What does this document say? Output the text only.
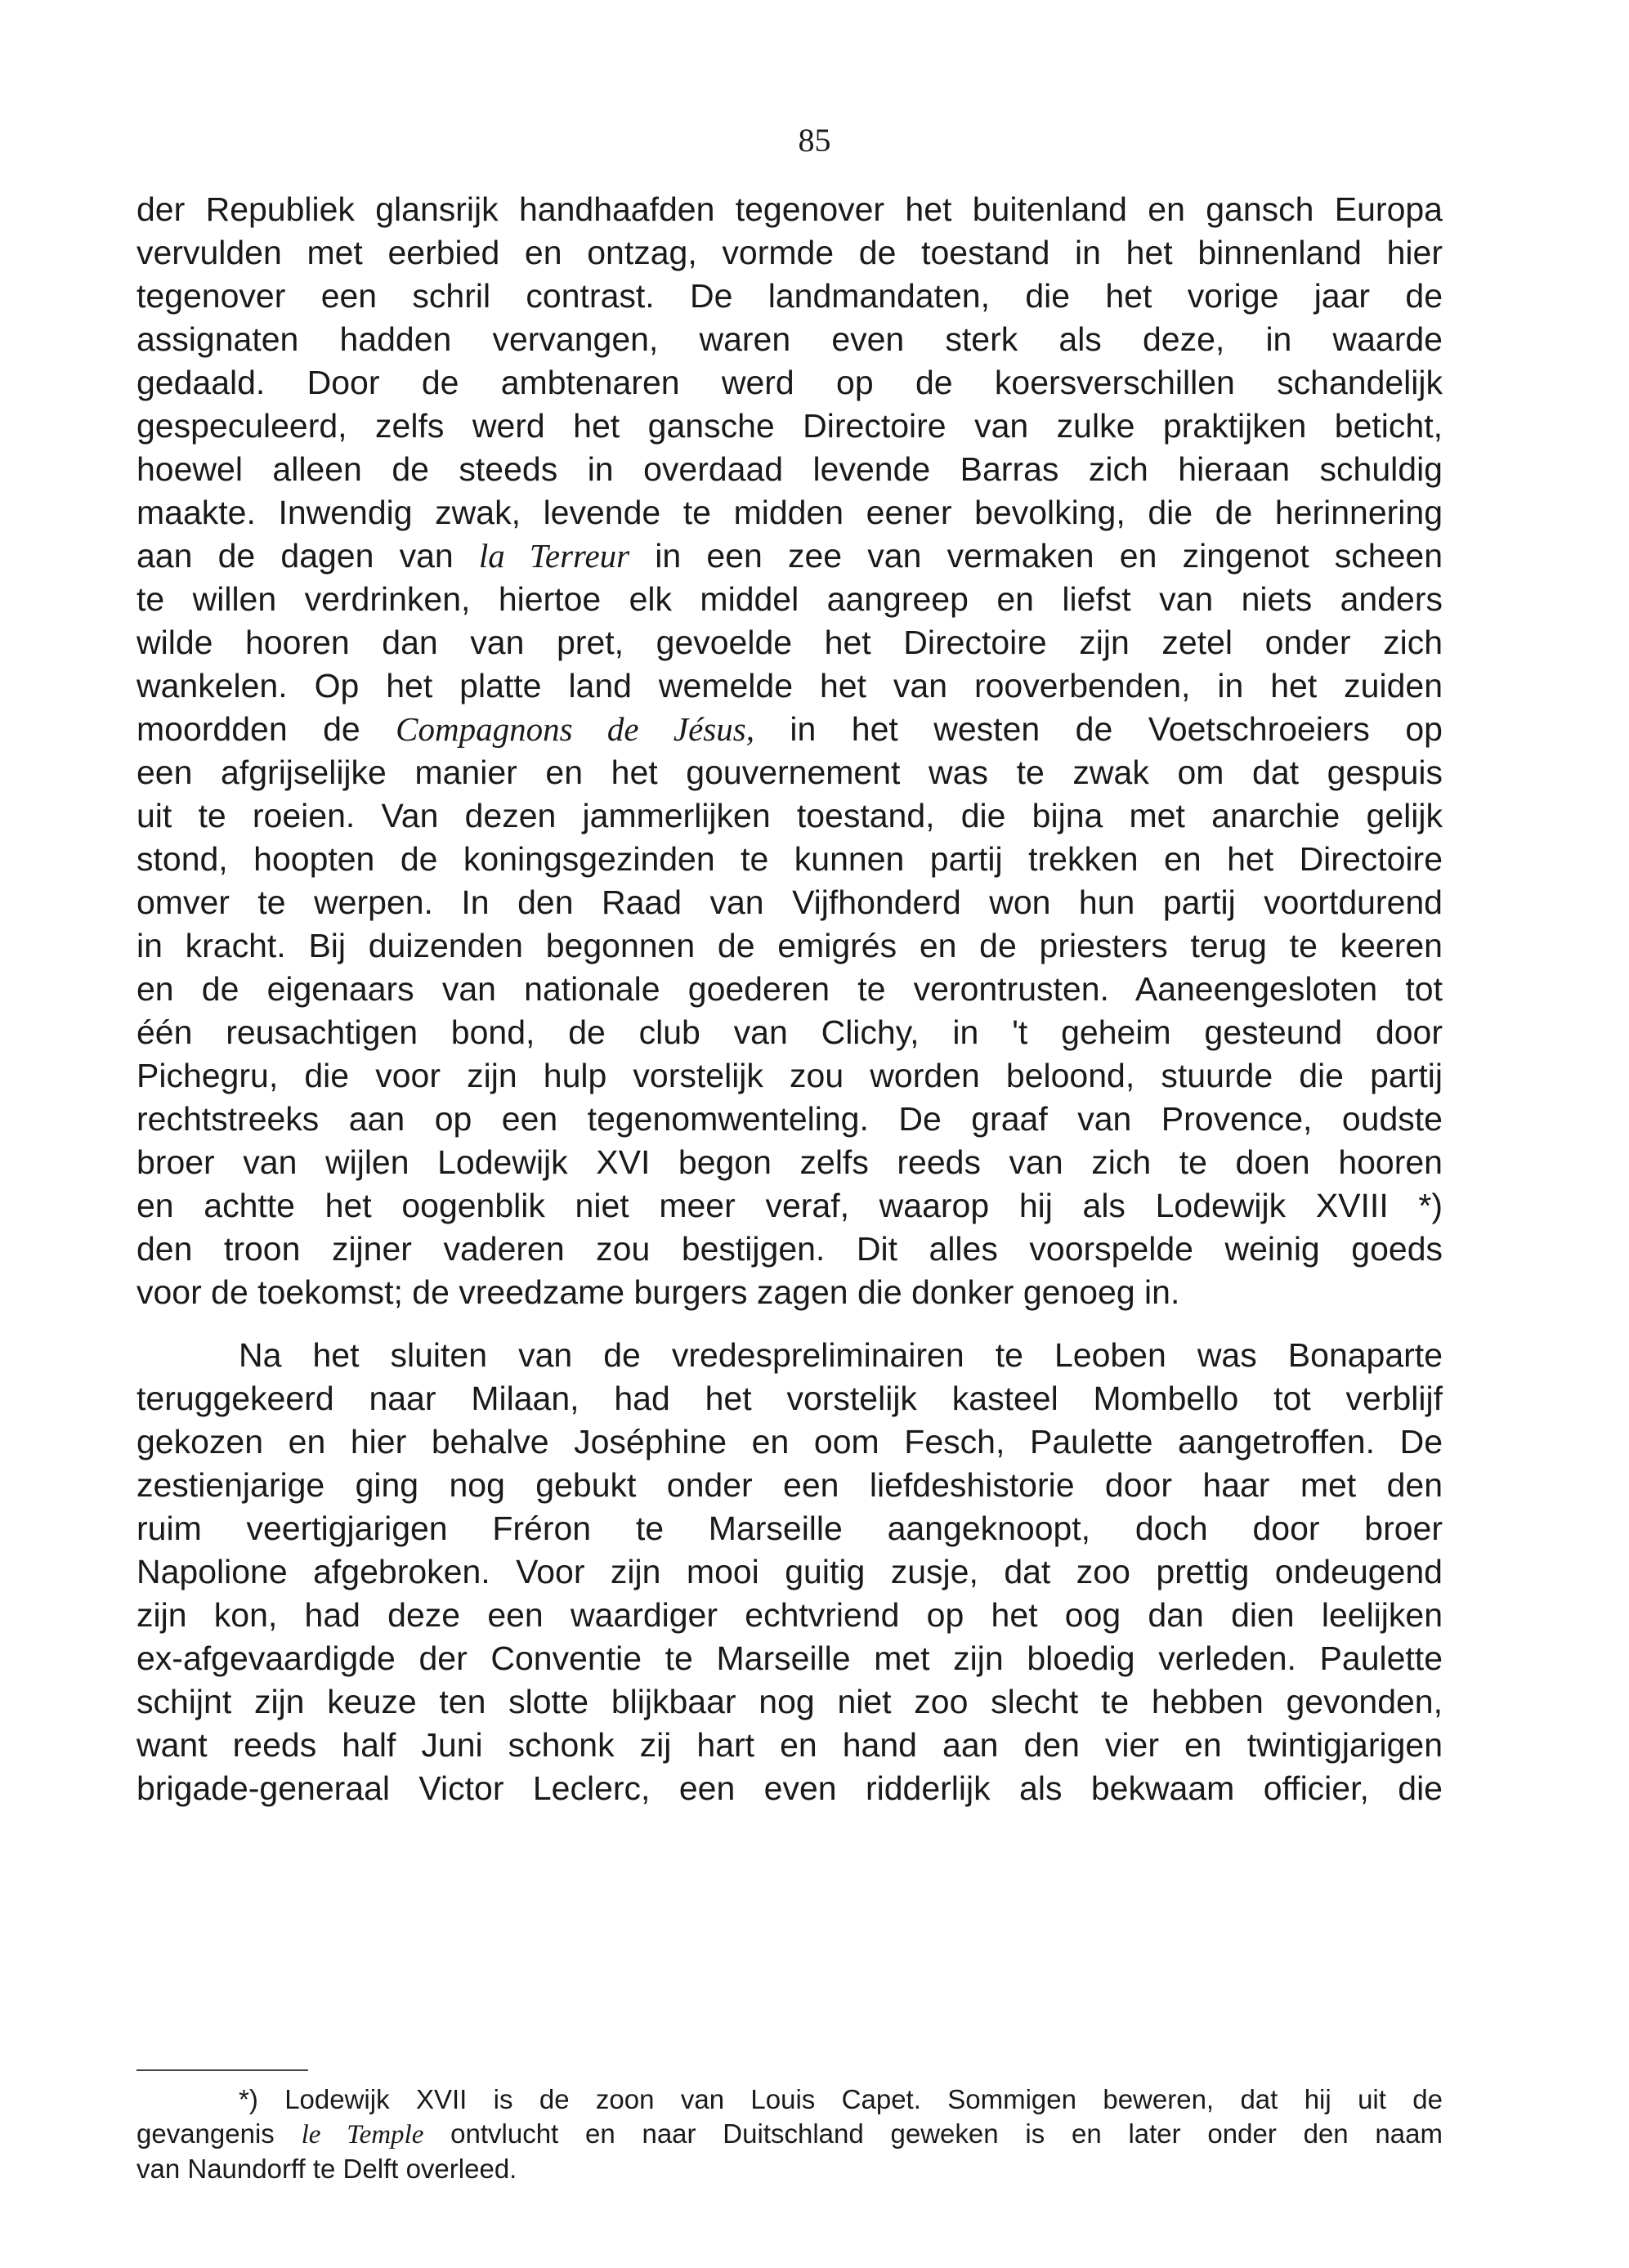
85
der Republiek glansrijk handhaafden tegenover het buitenland en gansch Europa
vervulden met eerbied en ontzag, vormde de toestand in het binnenland hier
tegenover een schril contrast. De landmandaten, die het vorige jaar de
assignaten hadden vervangen, waren even sterk als deze, in waarde
gedaald. Door de ambtenaren werd op de koersverschillen schandelijk
gespeculeerd, zelfs werd het gansche Directoire van zulke praktijken beticht,
hoewel alleen de steeds in overdaad levende Barras zich hieraan schuldig
maakte. Inwendig zwak, levende te midden eener bevolking, die de herinnering
aan de dagen van la Terreur in een zee van vermaken en zingenot scheen
te willen verdrinken, hiertoe elk middel aangreep en liefst van niets anders
wilde hooren dan van pret, gevoelde het Directoire zijn zetel onder zich
wankelen. Op het platte land wemelde het van rooverbenden, in het zuiden
moordden de Compagnons de Jésus, in het westen de Voetschroeiers op
een afgrijselijke manier en het gouvernement was te zwak om dat gespuis
uit te roeien. Van dezen jammerlijken toestand, die bijna met anarchie gelijk
stond, hoopten de koningsgezinden te kunnen partij trekken en het Directoire
omver te werpen. In den Raad van Vijfhonderd won hun partij voortdurend
in kracht. Bij duizenden begonnen de emigrés en de priesters terug te keeren
en de eigenaars van nationale goederen te verontrusten. Aaneengesloten tot
één reusachtigen bond, de club van Clichy, in 't geheim gesteund door
Pichegru, die voor zijn hulp vorstelijk zou worden beloond, stuurde die partij
rechtstreeks aan op een tegenomwenteling. De graaf van Provence, oudste
broer van wijlen Lodewijk XVI begon zelfs reeds van zich te doen hooren
en achtte het oogenblik niet meer veraf, waarop hij als Lodewijk XVIII *)
den troon zijner vaderen zou bestijgen. Dit alles voorspelde weinig goeds
voor de toekomst; de vreedzame burgers zagen die donker genoeg in.
Na het sluiten van de vredespreliminairen te Leoben was Bonaparte
teruggekeerd naar Milaan, had het vorstelijk kasteel Mombello tot verblijf
gekozen en hier behalve Joséphine en oom Fesch, Paulette aangetroffen. De
zestienjarige ging nog gebukt onder een liefdeshistorie door haar met den
ruim veertigjarigen Fréron te Marseille aangeknoopt, doch door broer
Napolione afgebroken. Voor zijn mooi guitig zusje, dat zoo prettig ondeugend
zijn kon, had deze een waardiger echtvriend op het oog dan dien leelijken
ex-afgevaardigde der Conventie te Marseille met zijn bloedig verleden. Paulette
schijnt zijn keuze ten slotte blijkbaar nog niet zoo slecht te hebben gevonden,
want reeds half Juni schonk zij hart en hand aan den vier en twintigjarigen
brigade-generaal Victor Leclerc, een even ridderlijk als bekwaam officier, die
*) Lodewijk XVII is de zoon van Louis Capet. Sommigen beweren, dat hij uit de
gevangenis le Temple ontvlucht en naar Duitschland geweken is en later onder den naam
van Naundorff te Delft overleed.
